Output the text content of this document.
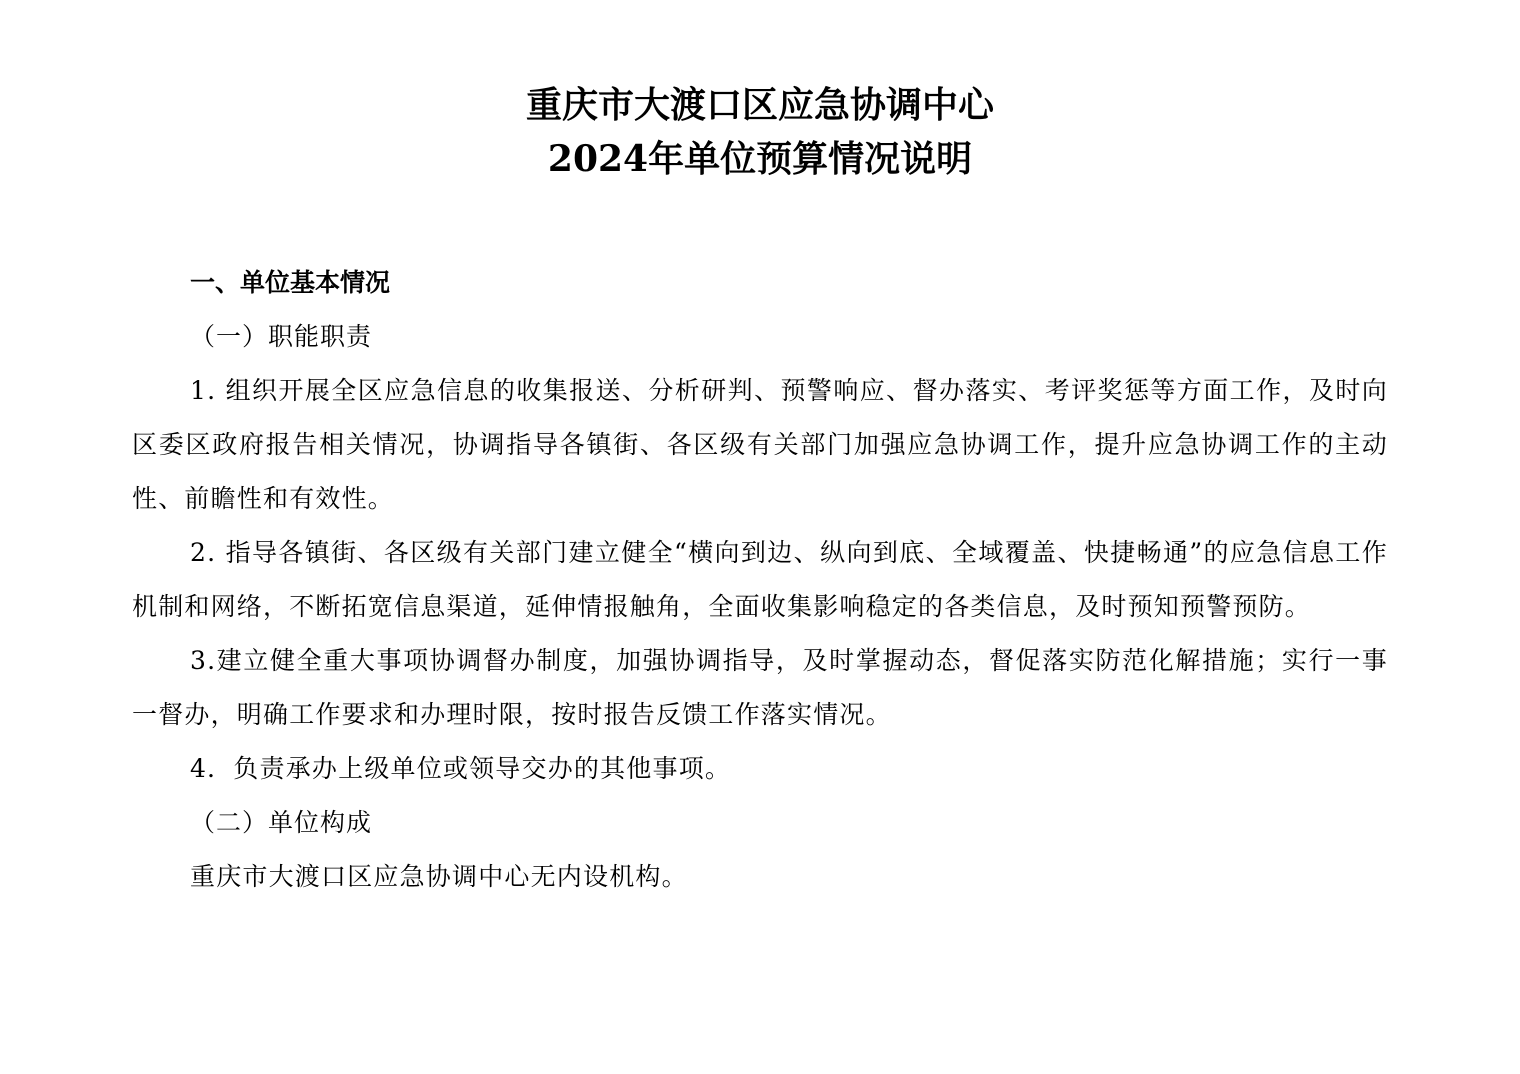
重庆市大渡口区应急协调中心
2024年单位预算情况说明

一、单位基本情况

（一）职能职责

1. 组织开展全区应急信息的收集报送、分析研判、预警响应、督办落实、考评奖惩等方面工作，及时向区委区政府报告相关情况，协调指导各镇街、各区级有关部门加强应急协调工作，提升应急协调工作的主动性、前瞻性和有效性。

2. 指导各镇街、各区级有关部门建立健全“横向到边、纵向到底、全域覆盖、快捷畅通”的应急信息工作机制和网络，不断拓宽信息渠道，延伸情报触角，全面收集影响稳定的各类信息，及时预知预警预防。

3.建立健全重大事项协调督办制度，加强协调指导，及时掌握动态，督促落实防范化解措施；实行一事一督办，明确工作要求和办理时限，按时报告反馈工作落实情况。

4．负责承办上级单位或领导交办的其他事项。

（二）单位构成

重庆市大渡口区应急协调中心无内设机构。
